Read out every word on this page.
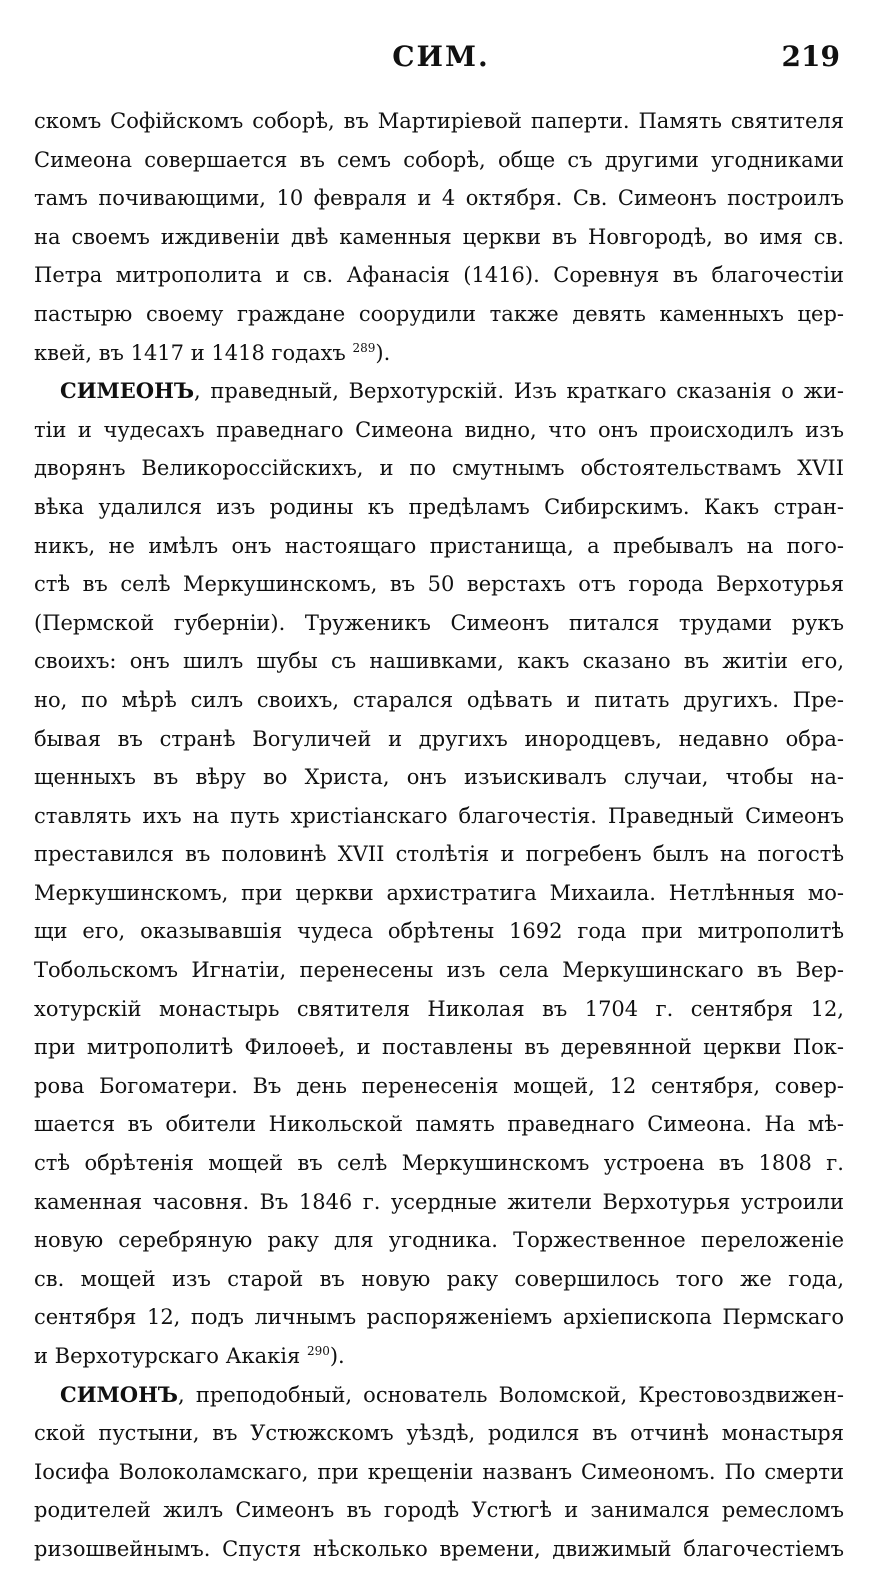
СИМ.	219
скомъ Софійскомъ соборѣ, въ Мартиріевой паперти. Память святителя
Симеона совершается въ семъ соборѣ, обще съ другими угодниками
тамъ почивающими, 10 февраля и 4 октября. Св. Симеонъ построилъ
на своемъ иждивеніи двѣ каменныя церкви въ Новгородѣ, во имя св.
Петра митрополита и св. Афанасія (1416). Соревнуя въ благочестіи
пастырю своему граждане соорудили также девять каменныхъ цер-
квей, въ 1417 и 1418 годахъ $^{289}$).
СИМЕОНЪ, праведный, Верхотурскій. Изъ краткаго сказанія о жи-
тіи и чудесахъ праведнаго Симеона видно, что онъ происходилъ изъ
дворянъ Великороссійскихъ, и по смутнымъ обстоятельствамъ XVII
вѣка удалился изъ родины къ предѣламъ Сибирскимъ. Какъ стран-
никъ, не имѣлъ онъ настоящаго пристанища, а пребывалъ на пого-
стѣ въ селѣ Меркушинскомъ, въ 50 верстахъ отъ города Верхотурья
(Пермской губерніи). Труженикъ Симеонъ питался трудами рукъ
своихъ: онъ шилъ шубы съ нашивками, какъ сказано въ житіи его,
но, по мѣрѣ силъ своихъ, старался одѣвать и питать другихъ. Пре-
бывая въ странѣ Вогуличей и другихъ инородцевъ, недавно обра-
щенныхъ въ вѣру во Христа, онъ изъискивалъ случаи, чтобы на-
ставлять ихъ на путь христіанскаго благочестія. Праведный Симеонъ
преставился въ половинѣ XVII столѣтія и погребенъ былъ на погостѣ
Меркушинскомъ, при церкви архистратига Михаила. Нетлѣнныя мо-
щи его, оказывавшія чудеса обрѣтены 1692 года при митрополитѣ
Тобольскомъ Игнатіи, перенесены изъ села Меркушинскаго въ Вер-
хотурскій монастырь святителя Николая въ 1704 г. сентября 12,
при митрополитѣ Филоѳеѣ, и поставлены въ деревянной церкви Пок-
рова Богоматери. Въ день перенесенія мощей, 12 сентября, совер-
шается въ обители Никольской память праведнаго Симеона. На мѣ-
стѣ обрѣтенія мощей въ селѣ Меркушинскомъ устроена въ 1808 г.
каменная часовня. Въ 1846 г. усердные жители Верхотурья устроили
новую серебряную раку для угодника. Торжественное переложеніе
св. мощей изъ старой въ новую раку совершилось того же года,
сентября 12, подъ личнымъ распоряженіемъ архіепископа Пермскаго
и Верхотурскаго Акакія $^{290}$).
СИМОНЪ, преподобный, основатель Воломской, Крестовоздвижен-
ской пустыни, въ Устюжскомъ уѣздѣ, родился въ отчинѣ монастыря
Іосифа Волоколамскаго, при крещеніи названъ Симеономъ. По смерти
родителей жилъ Симеонъ въ городѣ Устюгѣ и занимался ремесломъ
ризошвейнымъ. Спустя нѣсколько времени, движимый благочестіемъ
